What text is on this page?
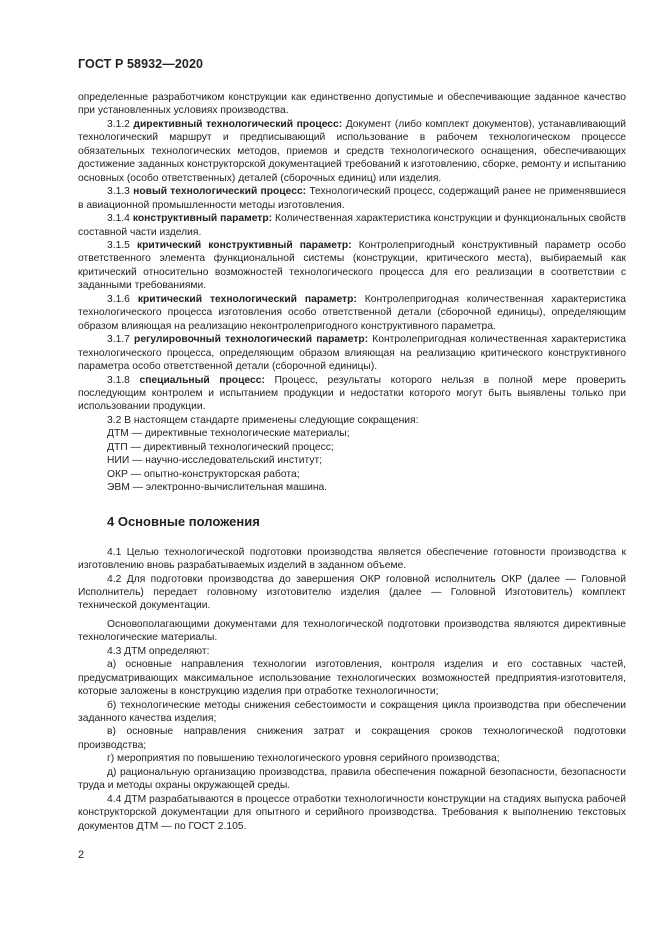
ГОСТ Р 58932—2020

определенные разработчиком конструкции как единственно допустимые и обеспечивающие заданное качество при установленных условиях производства.

3.1.2 директивный технологический процесс: Документ (либо комплект документов), устанавливающий технологический маршрут и предписывающий использование в рабочем технологическом процессе обязательных технологических методов, приемов и средств технологического оснащения, обеспечивающих достижение заданных конструкторской документацией требований к изготовлению, сборке, ремонту и испытанию основных (особо ответственных) деталей (сборочных единиц) или изделия.

3.1.3 новый технологический процесс: Технологический процесс, содержащий ранее не применявшиеся в авиационной промышленности методы изготовления.

3.1.4 конструктивный параметр: Количественная характеристика конструкции и функциональных свойств составной части изделия.

3.1.5 критический конструктивный параметр: Контролепригодный конструктивный параметр особо ответственного элемента функциональной системы (конструкции, критического места), выбираемый как критический относительно возможностей технологического процесса для его реализации в соответствии с заданными требованиями.

3.1.6 критический технологический параметр: Контролепригодная количественная характеристика технологического процесса изготовления особо ответственной детали (сборочной единицы), определяющим образом влияющая на реализацию неконтролепригодного конструктивного параметра.

3.1.7 регулировочный технологический параметр: Контролепригодная количественная характеристика технологического процесса, определяющим образом влияющая на реализацию критического конструктивного параметра особо ответственной детали (сборочной единицы).

3.1.8 специальный процесс: Процесс, результаты которого нельзя в полной мере проверить последующим контролем и испытанием продукции и недостатки которого могут быть выявлены только при использовании продукции.

3.2 В настоящем стандарте применены следующие сокращения:

ДТМ — директивные технологические материалы;

ДТП — директивный технологический процесс;

НИИ — научно-исследовательский институт;

ОКР — опытно-конструкторская работа;

ЭВМ — электронно-вычислительная машина.

4 Основные положения

4.1 Целью технологической подготовки производства является обеспечение готовности производства к изготовлению вновь разрабатываемых изделий в заданном объеме.

4.2 Для подготовки производства до завершения ОКР головной исполнитель ОКР (далее — Головной Исполнитель) передает головному изготовителю изделия (далее — Головной Изготовитель) комплект технической документации.

Основополагающими документами для технологической подготовки производства являются директивные технологические материалы.

4.3 ДТМ определяют:

а) основные направления технологии изготовления, контроля изделия и его составных частей, предусматривающих максимальное использование технологических возможностей предприятия-изготовителя, которые заложены в конструкцию изделия при отработке технологичности;

б) технологические методы снижения себестоимости и сокращения цикла производства при обеспечении заданного качества изделия;

в) основные направления снижения затрат и сокращения сроков технологической подготовки производства;

г) мероприятия по повышению технологического уровня серийного производства;

д) рациональную организацию производства, правила обеспечения пожарной безопасности, безопасности труда и методы охраны окружающей среды.

4.4 ДТМ разрабатываются в процессе отработки технологичности конструкции на стадиях выпуска рабочей конструкторской документации для опытного и серийного производства. Требования к выполнению текстовых документов ДТМ — по ГОСТ 2.105.

2
